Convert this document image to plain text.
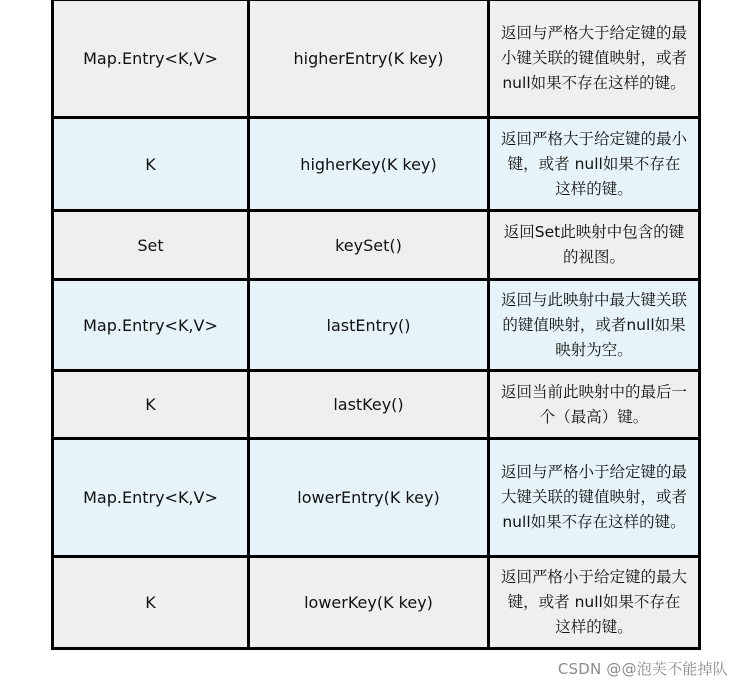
Map.Entry<K,V>	higherEntry(K key)	返回与严格大于给定键的最小键关联的键值映射，或者null如果不存在这样的键。
K	higherKey(K key)	返回严格大于给定键的最小键，或者 null如果不存在这样的键。
Set	keySet()	返回Set此映射中包含的键的视图。
Map.Entry<K,V>	lastEntry()	返回与此映射中最大键关联的键值映射，或者null如果映射为空。
K	lastKey()	返回当前此映射中的最后一个（最高）键。
Map.Entry<K,V>	lowerEntry(K key)	返回与严格小于给定键的最大键关联的键值映射，或者null如果不存在这样的键。
K	lowerKey(K key)	返回严格小于给定键的最大键，或者 null如果不存在这样的键。
CSDN @@泡芙不能掉队
